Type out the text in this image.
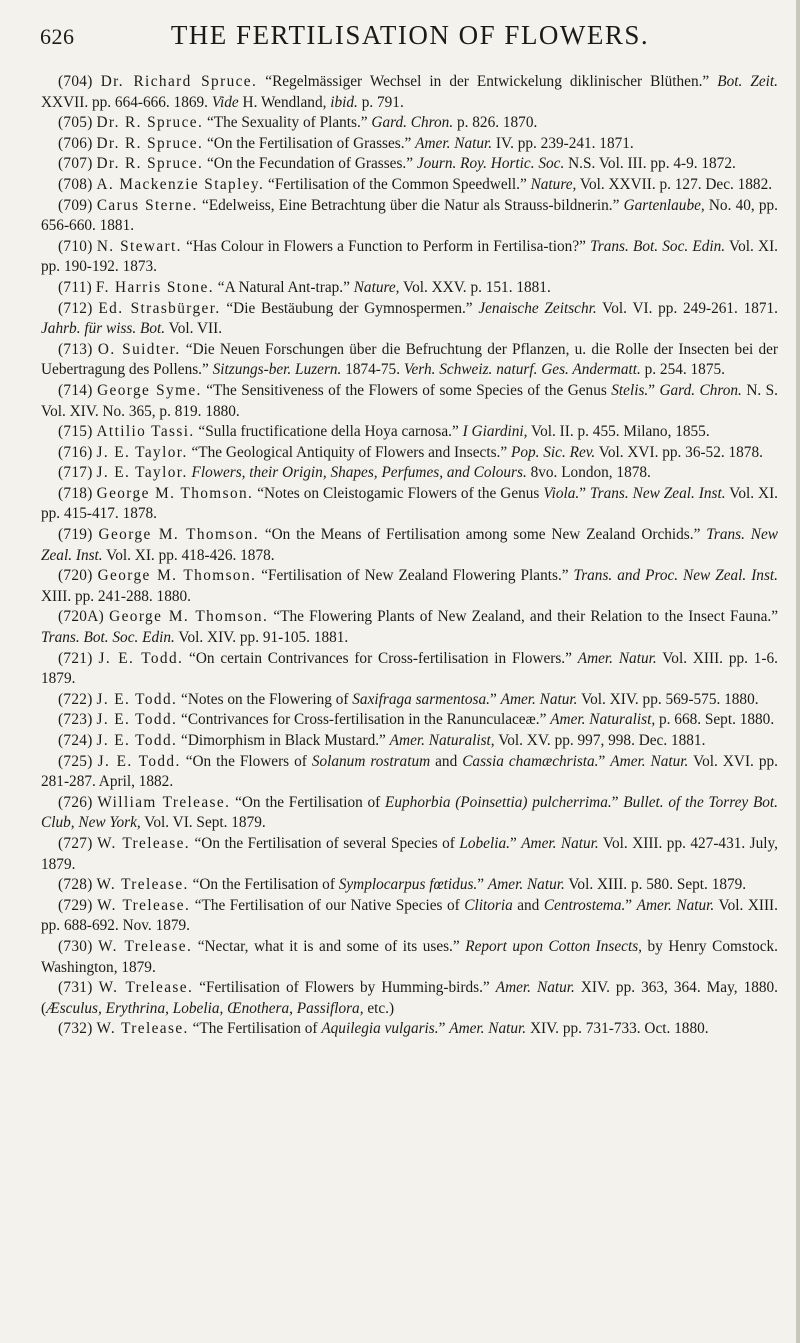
626	THE FERTILISATION OF FLOWERS.

(704) Dr. Richard Spruce. “Regelmässiger Wechsel in der Entwickelung diklinischer Blüthen.” Bot. Zeit. XXVII. pp. 664-666. 1869. Vide H. Wendland, ibid. p. 791.

(705) Dr. R. Spruce. “The Sexuality of Plants.” Gard. Chron. p. 826. 1870.

(706) Dr. R. Spruce. “On the Fertilisation of Grasses.” Amer. Natur. IV. pp. 239-241. 1871.

(707) Dr. R. Spruce. “On the Fecundation of Grasses.” Journ. Roy. Hortic. Soc. N.S. Vol. III. pp. 4-9. 1872.

(708) A. Mackenzie Stapley. “Fertilisation of the Common Speedwell.” Nature, Vol. XXVII. p. 127. Dec. 1882.

(709) Carus Sterne. “Edelweiss, Eine Betrachtung über die Natur als Strauss-bildnerin.” Gartenlaube, No. 40, pp. 656-660. 1881.

(710) N. Stewart. “Has Colour in Flowers a Function to Perform in Fertilisa-tion?” Trans. Bot. Soc. Edin. Vol. XI. pp. 190-192. 1873.

(711) F. Harris Stone. “A Natural Ant-trap.” Nature, Vol. XXV. p. 151. 1881.

(712) Ed. Strasbürger. “Die Bestäubung der Gymnospermen.” Jenaische Zeitschr. Vol. VI. pp. 249-261. 1871. Jahrb. für wiss. Bot. Vol. VII.

(713) O. Suidter. “Die Neuen Forschungen über die Befruchtung der Pflanzen, u. die Rolle der Insecten bei der Uebertragung des Pollens.” Sitzungs-ber. Luzern. 1874-75. Verh. Schweiz. naturf. Ges. Andermatt. p. 254. 1875.

(714) George Syme. “The Sensitiveness of the Flowers of some Species of the Genus Stelis.” Gard. Chron. N. S. Vol. XIV. No. 365, p. 819. 1880.

(715) Attilio Tassi. “Sulla fructificatione della Hoya carnosa.” I Giardini, Vol. II. p. 455. Milano, 1855.

(716) J. E. Taylor. “The Geological Antiquity of Flowers and Insects.” Pop. Sic. Rev. Vol. XVI. pp. 36-52. 1878.

(717) J. E. Taylor. Flowers, their Origin, Shapes, Perfumes, and Colours. 8vo. London, 1878.

(718) George M. Thomson. “Notes on Cleistogamic Flowers of the Genus Viola.” Trans. New Zeal. Inst. Vol. XI. pp. 415-417. 1878.

(719) George M. Thomson. “On the Means of Fertilisation among some New Zealand Orchids.” Trans. New Zeal. Inst. Vol. XI. pp. 418-426. 1878.

(720) George M. Thomson. “Fertilisation of New Zealand Flowering Plants.” Trans. and Proc. New Zeal. Inst. XIII. pp. 241-288. 1880.

(720A) George M. Thomson. “The Flowering Plants of New Zealand, and their Relation to the Insect Fauna.” Trans. Bot. Soc. Edin. Vol. XIV. pp. 91-105. 1881.

(721) J. E. Todd. “On certain Contrivances for Cross-fertilisation in Flowers.” Amer. Natur. Vol. XIII. pp. 1-6. 1879.

(722) J. E. Todd. “Notes on the Flowering of Saxifraga sarmentosa.” Amer. Natur. Vol. XIV. pp. 569-575. 1880.

(723) J. E. Todd. “Contrivances for Cross-fertilisation in the Ranunculaceæ.” Amer. Naturalist, p. 668. Sept. 1880.

(724) J. E. Todd. “Dimorphism in Black Mustard.” Amer. Naturalist, Vol. XV. pp. 997, 998. Dec. 1881.

(725) J. E. Todd. “On the Flowers of Solanum rostratum and Cassia chamæchrista.” Amer. Natur. Vol. XVI. pp. 281-287. April, 1882.

(726) William Trelease. “On the Fertilisation of Euphorbia (Poinsettia) pulcherrima.” Bullet. of the Torrey Bot. Club, New York, Vol. VI. Sept. 1879.

(727) W. Trelease. “On the Fertilisation of several Species of Lobelia.” Amer. Natur. Vol. XIII. pp. 427-431. July, 1879.

(728) W. Trelease. “On the Fertilisation of Symplocarpus fœtidus.” Amer. Natur. Vol. XIII. p. 580. Sept. 1879.

(729) W. Trelease. “The Fertilisation of our Native Species of Clitoria and Centrostema.” Amer. Natur. Vol. XIII. pp. 688-692. Nov. 1879.

(730) W. Trelease. “Nectar, what it is and some of its uses.” Report upon Cotton Insects, by Henry Comstock. Washington, 1879.

(731) W. Trelease. “Fertilisation of Flowers by Humming-birds.” Amer. Natur. XIV. pp. 363, 364. May, 1880. (Æsculus, Erythrina, Lobelia, Œnothera, Passiflora, etc.)

(732) W. Trelease. “The Fertilisation of Aquilegia vulgaris.” Amer. Natur. XIV. pp. 731-733. Oct. 1880.
